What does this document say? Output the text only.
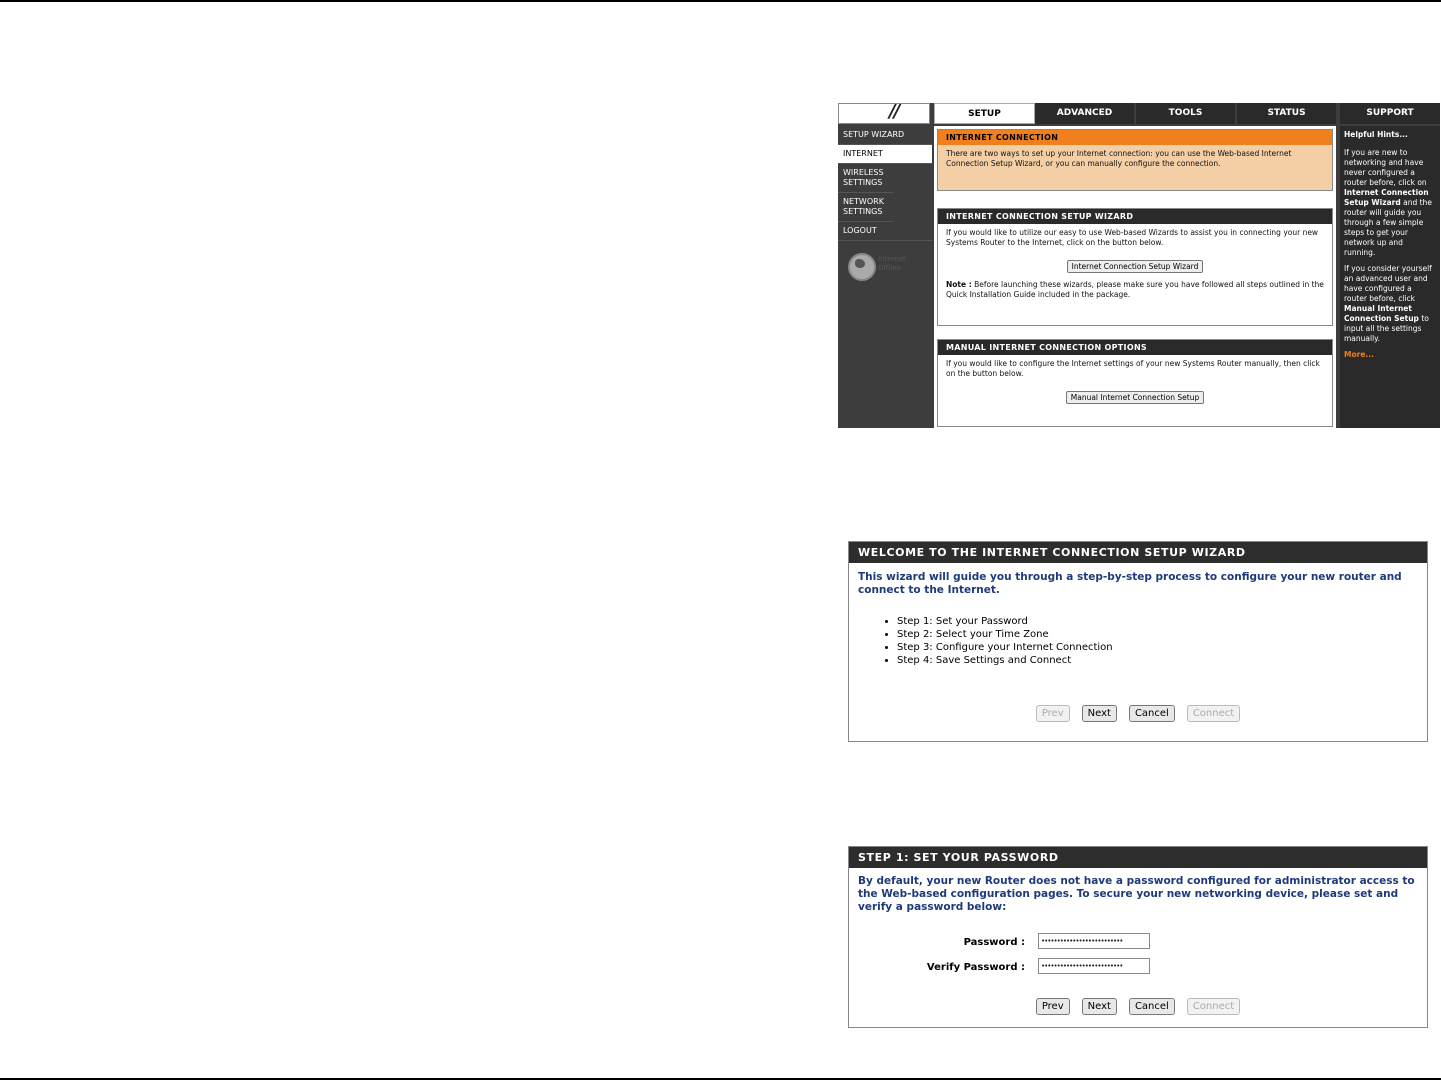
//	SETUP	ADVANCED	TOOLS	STATUS	SUPPORT
SETUP WIZARD
INTERNET
WIRELESS SETTINGS
NETWORK SETTINGS
LOGOUT
Internet Offline
INTERNET CONNECTION
There are two ways to set up your Internet connection: you can use the Web-based Internet Connection Setup Wizard, or you can manually configure the connection.
INTERNET CONNECTION SETUP WIZARD
If you would like to utilize our easy to use Web-based Wizards to assist you in connecting your new Systems Router to the Internet, click on the button below.
Internet Connection Setup Wizard
Note : Before launching these wizards, please make sure you have followed all steps outlined in the Quick Installation Guide included in the package.
MANUAL INTERNET CONNECTION OPTIONS
If you would like to configure the Internet settings of your new Systems Router manually, then click on the button below.
Manual Internet Connection Setup
Helpful Hints...

If you are new to networking and have never configured a router before, click on Internet Connection Setup Wizard and the router will guide you through a few simple steps to get your network up and running.

If you consider yourself an advanced user and have configured a router before, click Manual Internet Connection Setup to input all the settings manually.

More...
WELCOME TO THE INTERNET CONNECTION SETUP WIZARD
This wizard will guide you through a step-by-step process to configure your new router and connect to the Internet.
• Step 1: Set your Password
• Step 2: Select your Time Zone
• Step 3: Configure your Internet Connection
• Step 4: Save Settings and Connect
Prev Next Cancel Connect
STEP 1: SET YOUR PASSWORD
By default, your new Router does not have a password configured for administrator access to the Web-based configuration pages. To secure your new networking device, please set and verify a password below:
Password :	••••••••••••••••••••••••••
Verify Password :	••••••••••••••••••••••••••
Prev Next Cancel Connect
